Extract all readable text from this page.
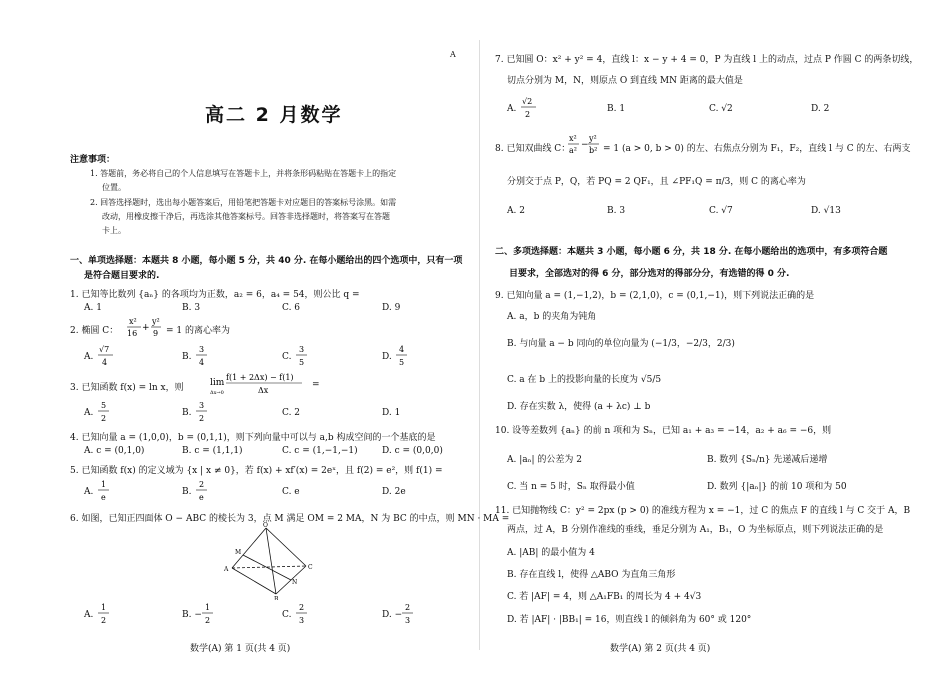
A
高二 2 月数学
注意事项：
1. 答题前，务必将自己的个人信息填写在答题卡上，并将条形码粘贴在答题卡上的指定
位置。
2. 回答选择题时，选出每小题答案后，用铅笔把答题卡对应题目的答案标号涂黑。如需
改动，用橡皮擦干净后，再选涂其他答案标号。回答非选择题时，将答案写在答题
卡上。
一、单项选择题：本题共 8 小题，每小题 5 分，共 40 分. 在每小题给出的四个选项中，只有一项
是符合题目要求的.
1. 已知等比数列 {aₙ} 的各项均为正数，a₂ = 6，a₄ = 54，则公比 q =
A. 1	B. 3	C. 6	D. 9
2. 椭圆 C：
x²
16
+
y²
9 = 1 的离心率为
A.
√7
4
B.
3
4
C.
3
5
D.
4
5
3. 已知函数 f(x) = ln x，则	lim
Δx→0
f(1 + 2Δx) − f(1)
Δx
=
A.
5
2
B.
3
2
C. 2	D. 1
4. 已知向量 a = (1,0,0)，b = (0,1,1)，则下列向量中可以与 a,b 构成空间的一个基底的是
A. c = (0,1,0)	B. c = (1,1,1)	C. c = (1,−1,−1)	D. c = (0,0,0)
5. 已知函数 f(x) 的定义域为 {x | x ≠ 0}，若 f(x) + xf′(x) = 2eˣ，且 f(2) = e²，则 f(1) =
A.
1
e
B.
2
e
C. e	D. 2e
6. 如图，已知正四面体 O − ABC 的棱长为 3，点 M 满足 OM = 2 MA，N 为 BC 的中点，则 MN · MA =
O
A
B
C
M
N
A.
1
2
B. −
1
2
C.
2
3
D. −
2
3
数学(A) 第 1 页(共 4 页)
7. 已知圆 O：x² + y² = 4，直线 l：x − y + 4 = 0，P 为直线 l 上的动点，过点 P 作圆 C 的两条切线，
切点分别为 M，N，则原点 O 到直线 MN 距离的最大值是
A.
√2
2
B. 1	C. √2	D. 2
8. 已知双曲线 C：
x²
a²
−
y²
b² = 1 (a > 0, b > 0) 的左、右焦点分别为 F₁，F₂，直线 l 与 C 的左、右两支
分别交于点 P，Q，若 PQ = 2 QF₁，且 ∠PF₁Q = π/3，则 C 的离心率为
A. 2	B. 3	C. √7	D. √13
二、多项选择题：本题共 3 小题，每小题 6 分，共 18 分. 在每小题给出的选项中，有多项符合题
目要求，全部选对的得 6 分，部分选对的得部分分，有选错的得 0 分.
9. 已知向量 a = (1,−1,2)，b = (2,1,0)，c = (0,1,−1)，则下列说法正确的是
A. a，b 的夹角为钝角
B. 与向量 a − b 同向的单位向量为 (−1/3，−2/3，2/3)
C. a 在 b 上的投影向量的长度为 √5/5
D. 存在实数 λ，使得 (a + λc) ⊥ b
10. 设等差数列 {aₙ} 的前 n 项和为 Sₙ，已知 a₁ + a₃ = −14，a₂ + a₆ = −6，则
A. |aₙ| 的公差为 2	B. 数列 {Sₙ/n} 先递减后递增
C. 当 n = 5 时，Sₙ 取得最小值	D. 数列 {|aₙ|} 的前 10 项和为 50
11. 已知抛物线 C：y² = 2px (p > 0) 的准线方程为 x = −1，过 C 的焦点 F 的直线 l 与 C 交于 A，B
两点，过 A，B 分别作准线的垂线，垂足分别为 A₁，B₁，O 为坐标原点，则下列说法正确的是
A. |AB| 的最小值为 4
B. 存在直线 l，使得 △ABO 为直角三角形
C. 若 |AF| = 4，则 △A₁FB₁ 的周长为 4 + 4√3
D. 若 |AF| · |BB₁| = 16，则直线 l 的倾斜角为 60° 或 120°
数学(A) 第 2 页(共 4 页)
